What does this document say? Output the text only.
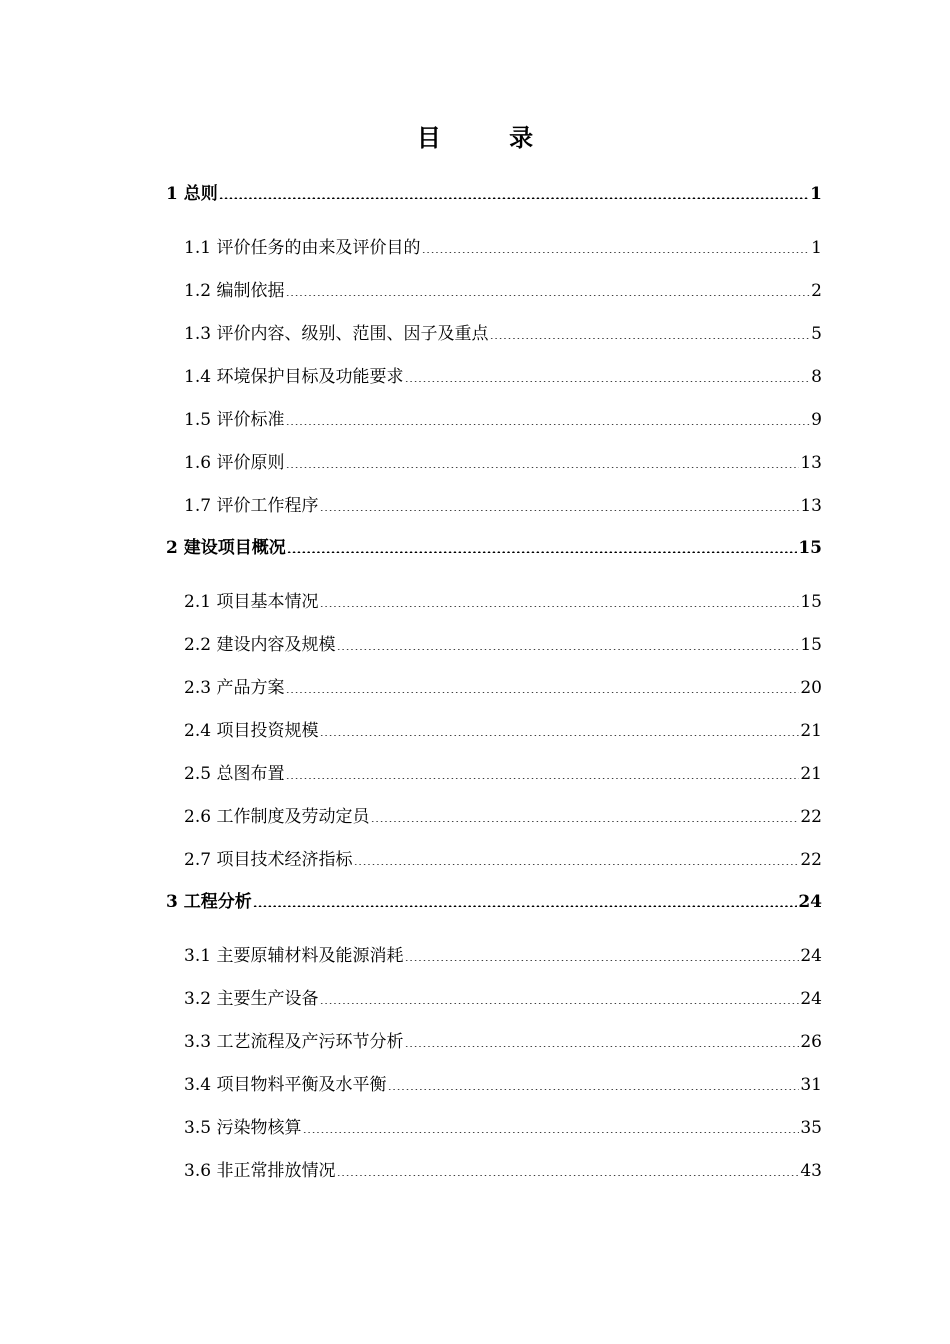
目 录
1 总则 .....	1
1.1 评价任务的由来及评价目的 .....	1
1.2 编制依据 .....	2
1.3 评价内容、级别、范围、因子及重点 .....	5
1.4 环境保护目标及功能要求 .....	8
1.5 评价标准 .....	9
1.6 评价原则 .....	13
1.7 评价工作程序 .....	13
2 建设项目概况 .....	15
2.1 项目基本情况 .....	15
2.2 建设内容及规模 .....	15
2.3 产品方案 .....	20
2.4 项目投资规模 .....	21
2.5 总图布置 .....	21
2.6 工作制度及劳动定员 .....	22
2.7 项目技术经济指标 .....	22
3 工程分析 .....	24
3.1 主要原辅材料及能源消耗 .....	24
3.2 主要生产设备 .....	24
3.3 工艺流程及产污环节分析 .....	26
3.4 项目物料平衡及水平衡 .....	31
3.5 污染物核算 .....	35
3.6 非正常排放情况 .....	43
